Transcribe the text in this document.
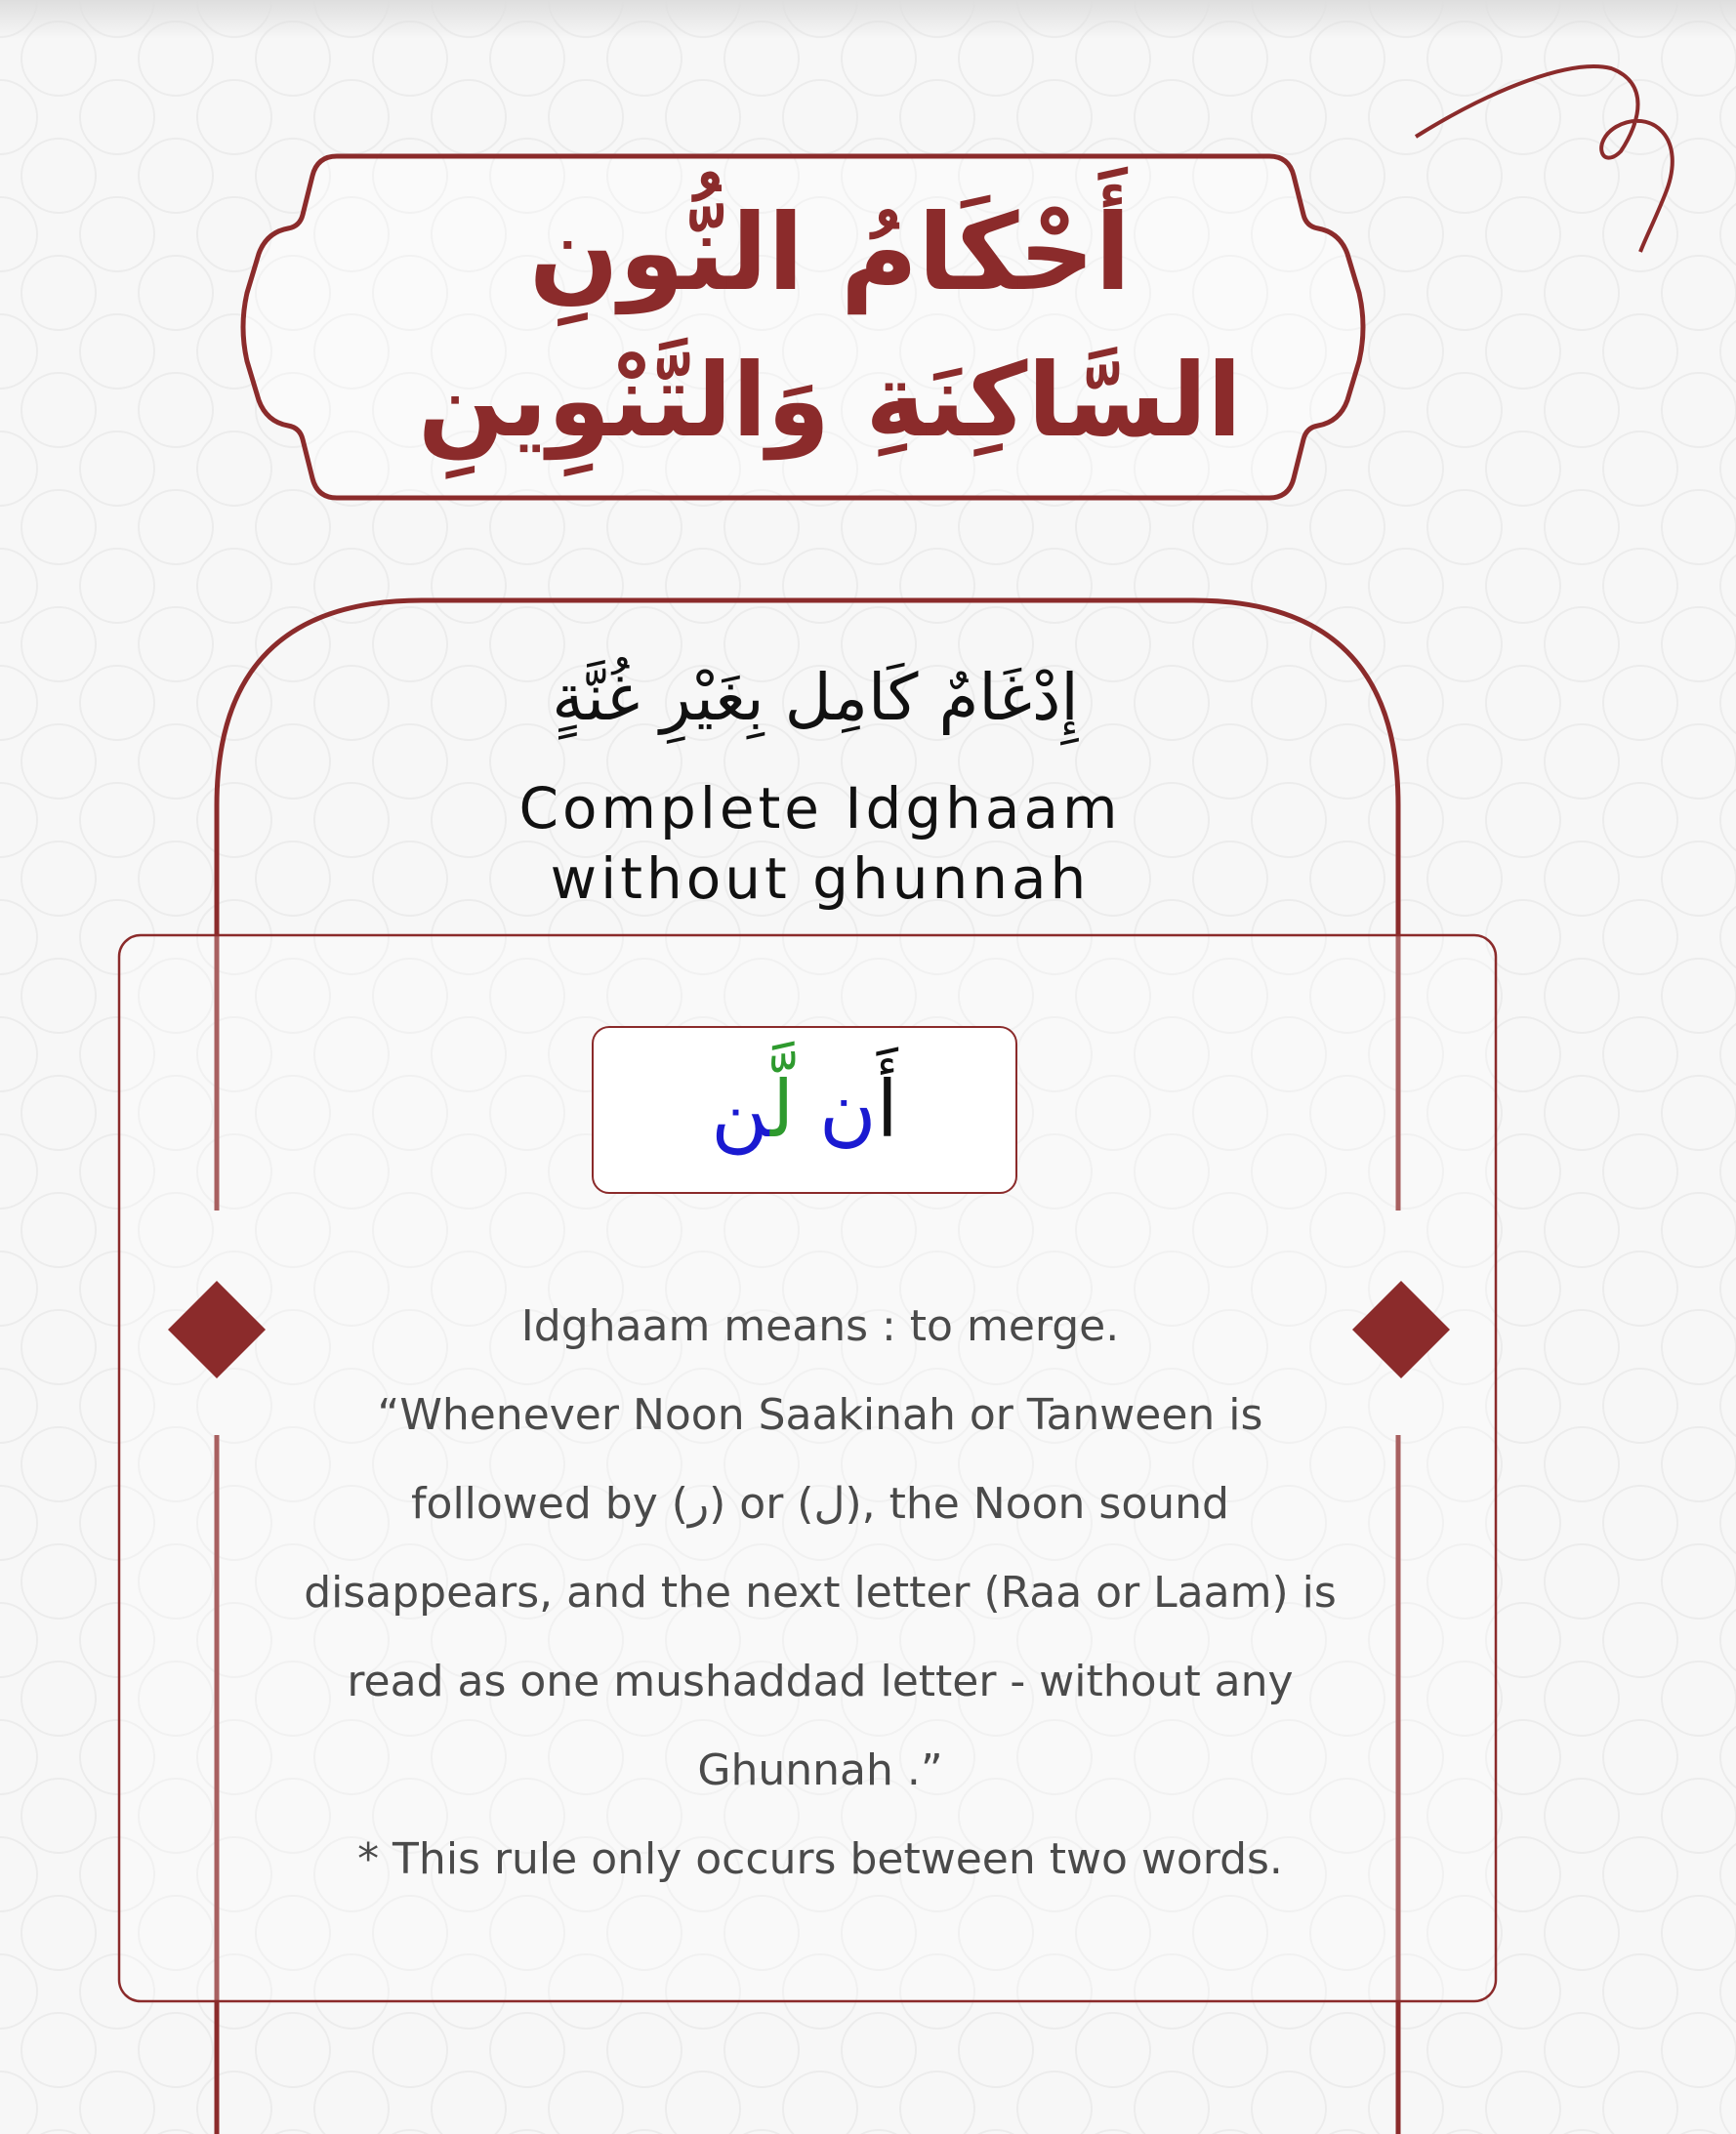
أَحْكَامُ النُّونِ
السَّاكِنَةِ وَالتَّنْوِينِ
إِدْغَامٌ كَامِل بِغَيْرِ غُنَّةٍ
Complete Idghaam
without ghunnah
أَن لَّن
Idghaam means : to merge.
“Whenever Noon Saakinah or Tanween is
followed by (ر) or (ل), the Noon sound
disappears, and the next letter (Raa or Laam) is
read as one mushaddad letter - without any
Ghunnah .”
* This rule only occurs between two words.
